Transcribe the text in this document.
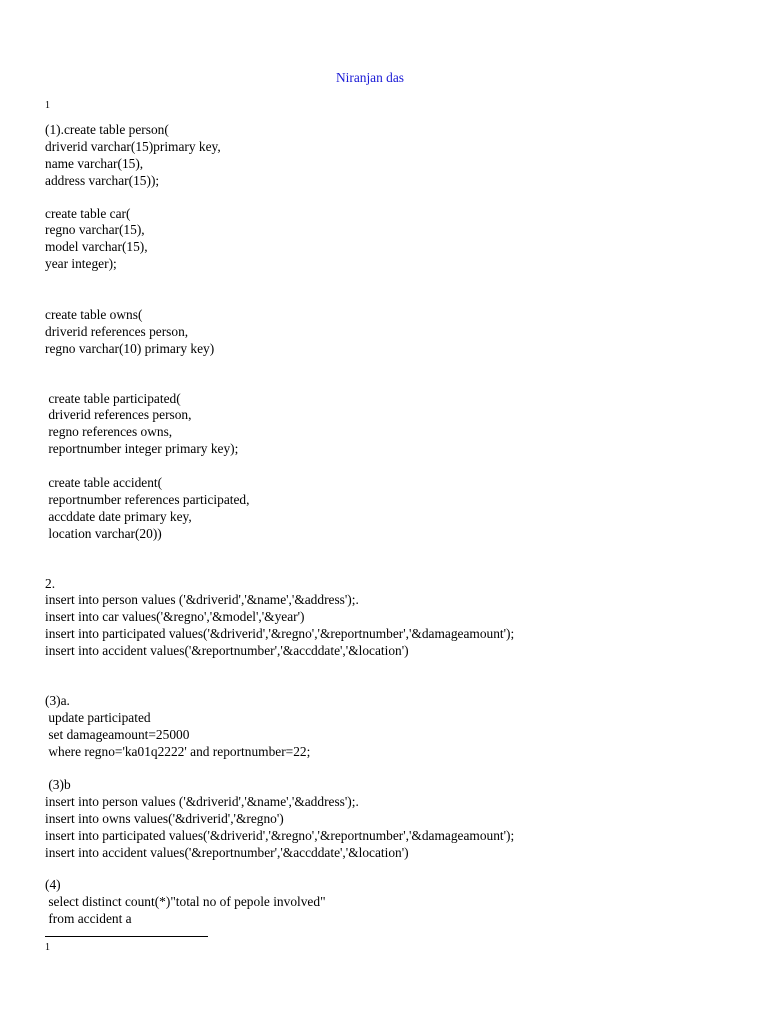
Niranjan das
1
(1).create table person(
driverid varchar(15)primary key,
name varchar(15),
address varchar(15));
create table car(
regno varchar(15),
model varchar(15),
year integer);
create table owns(
driverid references person,
regno varchar(10) primary key)
create table participated(
driverid references person,
regno references owns,
reportnumber integer primary key);
create table accident(
reportnumber references participated,
accddate date primary key,
location varchar(20))
2.
insert into person values ('&driverid','&name','&address');.
insert into car values('&regno','&model','&year')
insert into participated values('&driverid','&regno','&reportnumber','&damageamount');
insert into accident values('&reportnumber','&accddate','&location')
(3)a.
update participated
set damageamount=25000
where regno='ka01q2222' and reportnumber=22;
(3)b
insert into person values ('&driverid','&name','&address');.
insert into owns values('&driverid','&regno')
insert into participated values('&driverid','&regno','&reportnumber','&damageamount');
insert into accident values('&reportnumber','&accddate','&location')
(4)
select distinct count(*)"total no of pepole involved"
from accident a
1
